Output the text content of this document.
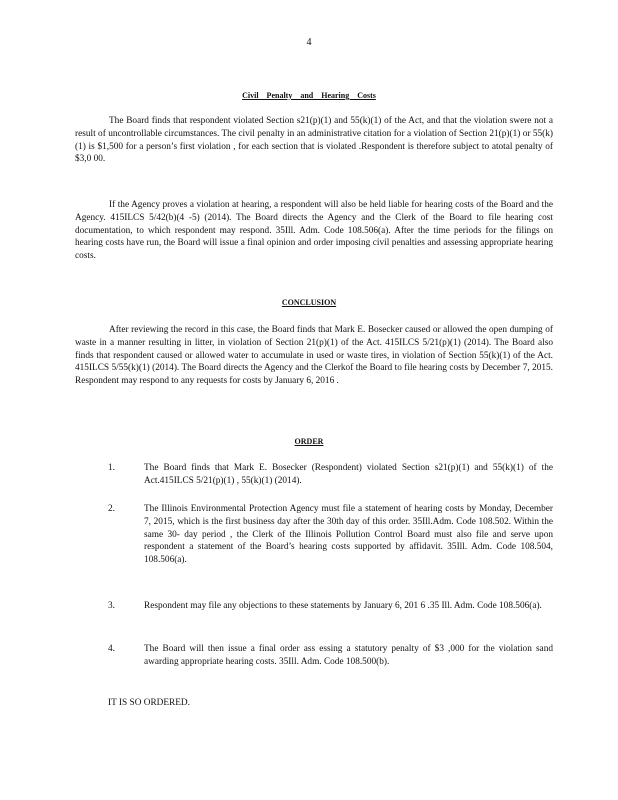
4
Civil Penalty and Hearing Costs
The Board finds that respondent violated Section s21(p)(1) and 55(k)(1) of the Act, and that the violation swere not a result of uncontrollable circumstances. The civil penalty in an administrative citation for a violation of Section 21(p)(1) or 55(k)(1) is $1,500 for a person’s first violation , for each section that is violated .Respondent is therefore subject to atotal penalty of $3,0 00.
If the Agency proves a violation at hearing, a respondent will also be held liable for hearing costs of the Board and the Agency. 415ILCS 5/42(b)(4 -5) (2014). The Board directs the Agency and the Clerk of the Board to file hearing cost documentation, to which respondent may respond. 35Ill. Adm. Code 108.506(a). After the time periods for the filings on hearing costs have run, the Board will issue a final opinion and order imposing civil penalties and assessing appropriate hearing costs.
CONCLUSION
After reviewing the record in this case, the Board finds that Mark E. Bosecker caused or allowed the open dumping of waste in a manner resulting in litter, in violation of Section 21(p)(1) of the Act. 415ILCS 5/21(p)(1) (2014). The Board also finds that respondent caused or allowed water to accumulate in used or waste tires, in violation of Section 55(k)(1) of the Act. 415ILCS 5/55(k)(1) (2014). The Board directs the Agency and the Clerkof the Board to file hearing costs by December 7, 2015. Respondent may respond to any requests for costs by January 6, 2016 .
ORDER
1.	The Board finds that Mark E. Bosecker (Respondent) violated Section s21(p)(1) and 55(k)(1) of the Act.415ILCS 5/21(p)(1) , 55(k)(1) (2014).
2.	The Illinois Environmental Protection Agency must file a statement of hearing costs by Monday, December 7, 2015, which is the first business day after the 30th day of this order. 35Ill.Adm. Code 108.502. Within the same 30- day period , the Clerk of the Illinois Pollution Control Board must also file and serve upon respondent a statement of the Board’s hearing costs supported by affidavit. 35Ill. Adm. Code 108.504, 108.506(a).
3.	Respondent may file any objections to these statements by January 6, 201 6 .35 Ill. Adm. Code 108.506(a).
4.	The Board will then issue a final order ass essing a statutory penalty of $3 ,000 for the violation sand awarding appropriate hearing costs. 35Ill. Adm. Code 108.500(b).
IT IS SO ORDERED.
